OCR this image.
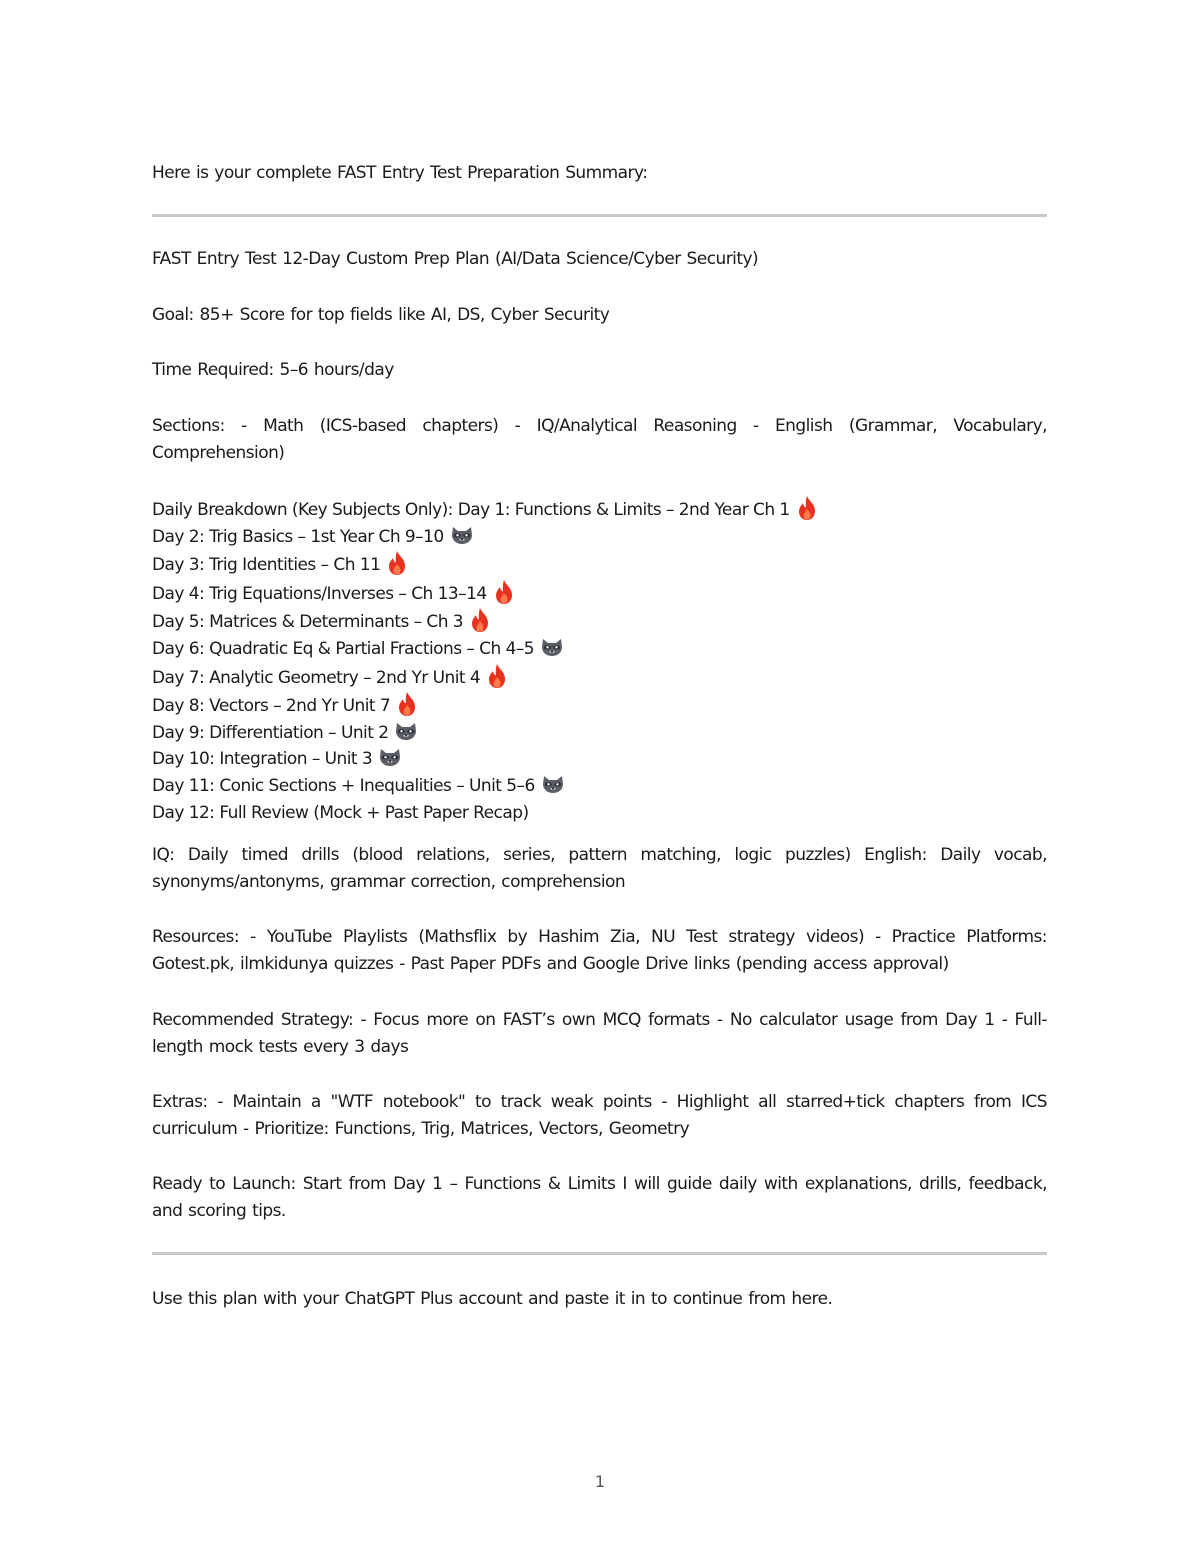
Here is your complete FAST Entry Test Preparation Summary:

FAST Entry Test 12-Day Custom Prep Plan (AI/Data Science/Cyber Security)

Goal: 85+ Score for top fields like AI, DS, Cyber Security

Time Required: 5–6 hours/day

Sections: - Math (ICS-based chapters) - IQ/Analytical Reasoning - English (Grammar, Vocabulary, Comprehension)

Daily Breakdown (Key Subjects Only): Day 1: Functions & Limits – 2nd Year Ch 1
Day 2: Trig Basics – 1st Year Ch 9–10
Day 3: Trig Identities – Ch 11
Day 4: Trig Equations/Inverses – Ch 13–14
Day 5: Matrices & Determinants – Ch 3
Day 6: Quadratic Eq & Partial Fractions – Ch 4–5
Day 7: Analytic Geometry – 2nd Yr Unit 4
Day 8: Vectors – 2nd Yr Unit 7
Day 9: Differentiation – Unit 2
Day 10: Integration – Unit 3
Day 11: Conic Sections + Inequalities – Unit 5–6
Day 12: Full Review (Mock + Past Paper Recap)

IQ: Daily timed drills (blood relations, series, pattern matching, logic puzzles) English: Daily vocab, synonyms/antonyms, grammar correction, comprehension

Resources: - YouTube Playlists (Mathsflix by Hashim Zia, NU Test strategy videos) - Practice Platforms: Gotest.pk, ilmkidunya quizzes - Past Paper PDFs and Google Drive links (pending access approval)

Recommended Strategy: - Focus more on FAST’s own MCQ formats - No calculator usage from Day 1 - Full-length mock tests every 3 days

Extras: - Maintain a "WTF notebook" to track weak points - Highlight all starred+tick chapters from ICS curriculum - Prioritize: Functions, Trig, Matrices, Vectors, Geometry

Ready to Launch: Start from Day 1 – Functions & Limits I will guide daily with explanations, drills, feedback, and scoring tips.

Use this plan with your ChatGPT Plus account and paste it in to continue from here.

1
